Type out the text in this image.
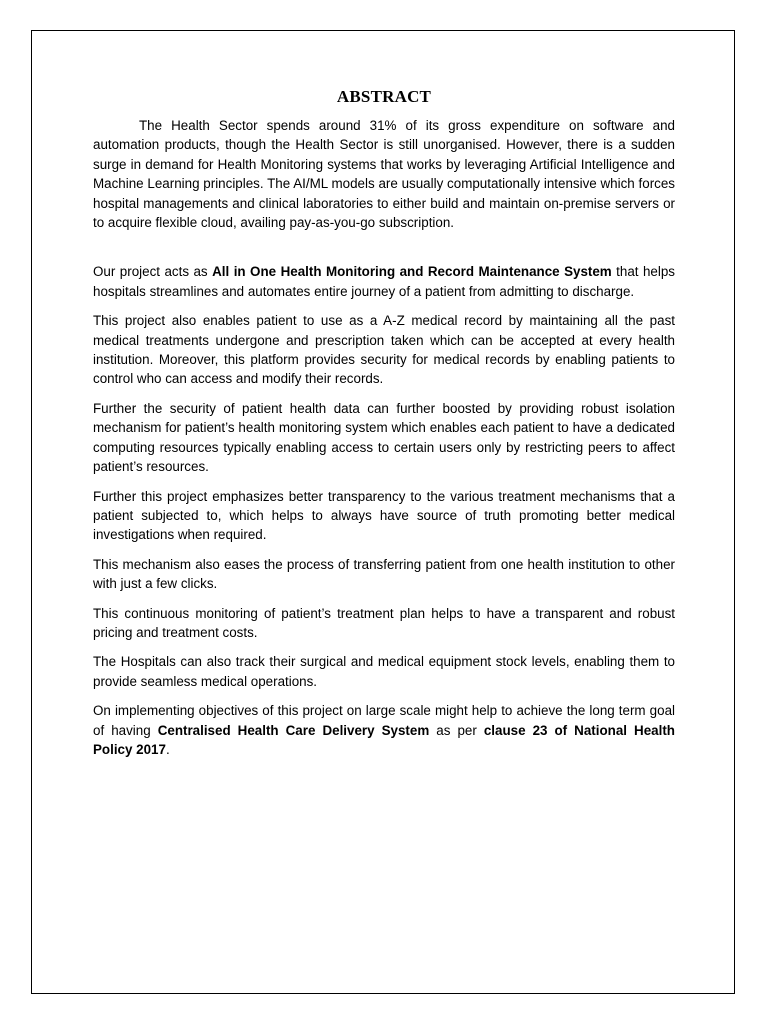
ABSTRACT

The Health Sector spends around 31% of its gross expenditure on software and automation products, though the Health Sector is still unorganised. However, there is a sudden surge in demand for Health Monitoring systems that works by leveraging Artificial Intelligence and Machine Learning principles. The AI/ML models are usually computationally intensive which forces hospital managements and clinical laboratories to either build and maintain on-premise servers or to acquire flexible cloud, availing pay-as-you-go subscription.

Our project acts as All in One Health Monitoring and Record Maintenance System that helps hospitals streamlines and automates entire journey of a patient from admitting to discharge.

This project also enables patient to use as a A-Z medical record by maintaining all the past medical treatments undergone and prescription taken which can be accepted at every health institution. Moreover, this platform provides security for medical records by enabling patients to control who can access and modify their records.

Further the security of patient health data can further boosted by providing robust isolation mechanism for patient’s health monitoring system which enables each patient to have a dedicated computing resources typically enabling access to certain users only by restricting peers to affect patient’s resources.

Further this project emphasizes better transparency to the various treatment mechanisms that a patient subjected to, which helps to always have source of truth promoting better medical investigations when required.

This mechanism also eases the process of transferring patient from one health institution to other with just a few clicks.

This continuous monitoring of patient’s treatment plan helps to have a transparent and robust pricing and treatment costs.

The Hospitals can also track their surgical and medical equipment stock levels, enabling them to provide seamless medical operations.

On implementing objectives of this project on large scale might help to achieve the long term goal of having Centralised Health Care Delivery System as per clause 23 of National Health Policy 2017.
